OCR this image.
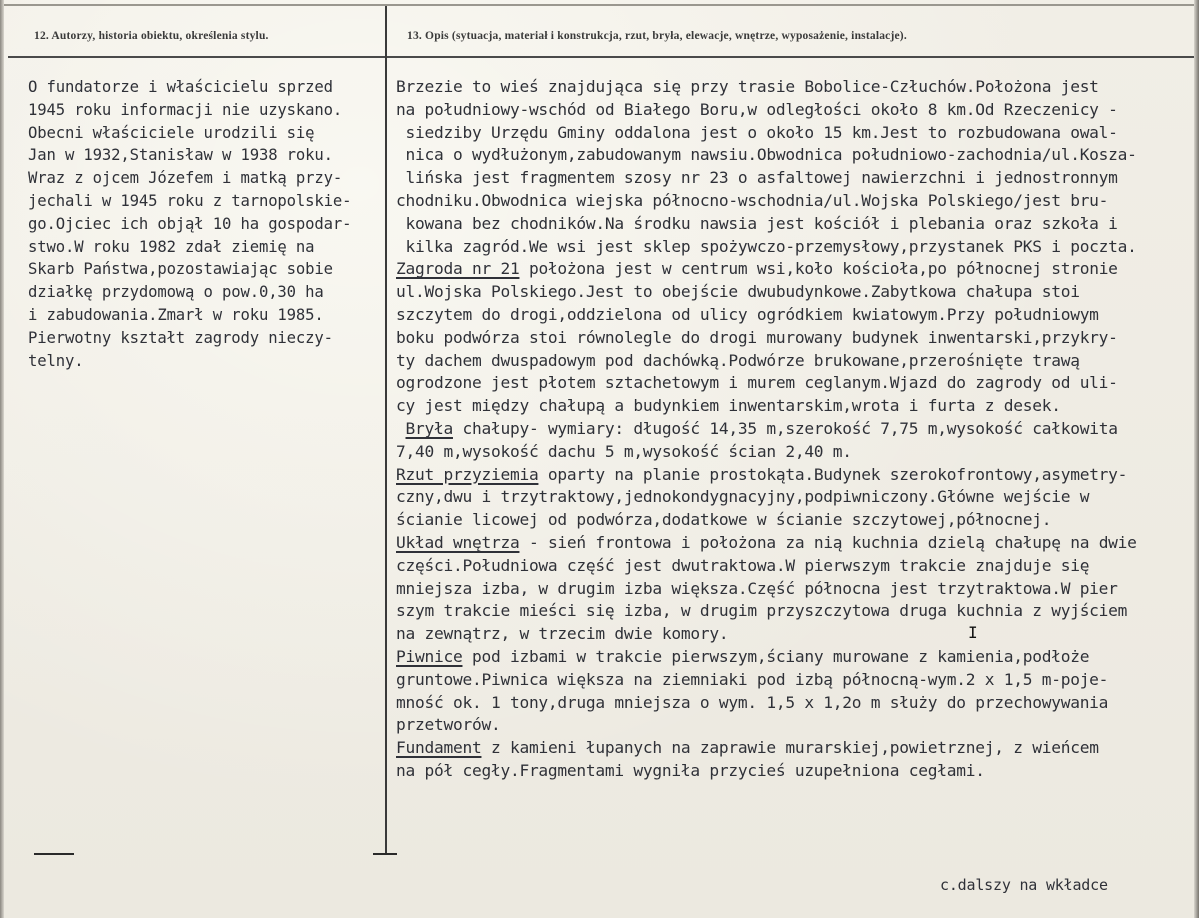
12. Autorzy, historia obiektu, określenia stylu.	13. Opis (sytuacja, materiał i konstrukcja, rzut, bryła, elewacje, wnętrze, wyposażenie, instalacje).
O fundatorze i właścicielu sprzed
1945 roku informacji nie uzyskano.
Obecni właściciele urodzili się
Jan w 1932,Stanisław w 1938 roku.
Wraz z ojcem Józefem i matką przy-
jechali w 1945 roku z tarnopolskie-
go.Ojciec ich objął 10 ha gospodar-
stwo.W roku 1982 zdał ziemię na
Skarb Państwa,pozostawiając sobie
działkę przydomową o pow.0,30 ha
i zabudowania.Zmarł w roku 1985.
Pierwotny kształt zagrody nieczy-
telny.
Brzezie to wieś znajdująca się przy trasie Bobolice-Człuchów.Położona jest
na południowy-wschód od Białego Boru,w odległości około 8 km.Od Rzeczenicy -
siedziby Urzędu Gminy oddalona jest o około 15 km.Jest to rozbudowana owal-
nica o wydłużonym,zabudowanym nawsiu.Obwodnica południowo-zachodnia/ul.Kosza-
lińska jest fragmentem szosy nr 23 o asfaltowej nawierzchni i jednostronnym
chodniku.Obwodnica wiejska północno-wschodnia/ul.Wojska Polskiego/jest bru-
kowana bez chodników.Na środku nawsia jest kościół i plebania oraz szkoła i
kilka zagród.We wsi jest sklep spożywczo-przemysłowy,przystanek PKS i poczta.
Zagroda nr 21 położona jest w centrum wsi,koło kościoła,po północnej stronie
ul.Wojska Polskiego.Jest to obejście dwubudynkowe.Zabytkowa chałupa stoi
szczytem do drogi,oddzielona od ulicy ogródkiem kwiatowym.Przy południowym
boku podwórza stoi równolegle do drogi murowany budynek inwentarski,przykry-
ty dachem dwuspadowym pod dachówką.Podwórze brukowane,przerośnięte trawą
ogrodzone jest płotem sztachetowym i murem ceglanym.Wjazd do zagrody od uli-
cy jest między chałupą a budynkiem inwentarskim,wrota i furta z desek.
Bryła chałupy- wymiary: długość 14,35 m,szerokość 7,75 m,wysokość całkowita
7,40 m,wysokość dachu 5 m,wysokość ścian 2,40 m.
Rzut przyziemia oparty na planie prostokąta.Budynek szerokofrontowy,asymetry-
czny,dwu i trzytraktowy,jednokondygnacyjny,podpiwniczony.Główne wejście w
ścianie licowej od podwórza,dodatkowe w ścianie szczytowej,północnej.
Układ wnętrza - sień frontowa i położona za nią kuchnia dzielą chałupę na dwie
części.Południowa część jest dwutraktowa.W pierwszym trakcie znajduje się
mniejsza izba, w drugim izba większa.Część północna jest trzytraktowa.W pier
szym trakcie mieści się izba, w drugim przyszczytowa druga kuchnia z wyjściem
na zewnątrz, w trzecim dwie komory.
Piwnice pod izbami w trakcie pierwszym,ściany murowane z kamienia,podłoże
gruntowe.Piwnica większa na ziemniaki pod izbą północną-wym.2 x 1,5 m-poje-
mność ok. 1 tony,druga mniejsza o wym. 1,5 x 1,2o m służy do przechowywania
przetworów.
Fundament z kamieni łupanych na zaprawie murarskiej,powietrznej, z wieńcem
na pół cegły.Fragmentami wygniła przycieś uzupełniona cegłami.
I
c.dalszy na wkładce
